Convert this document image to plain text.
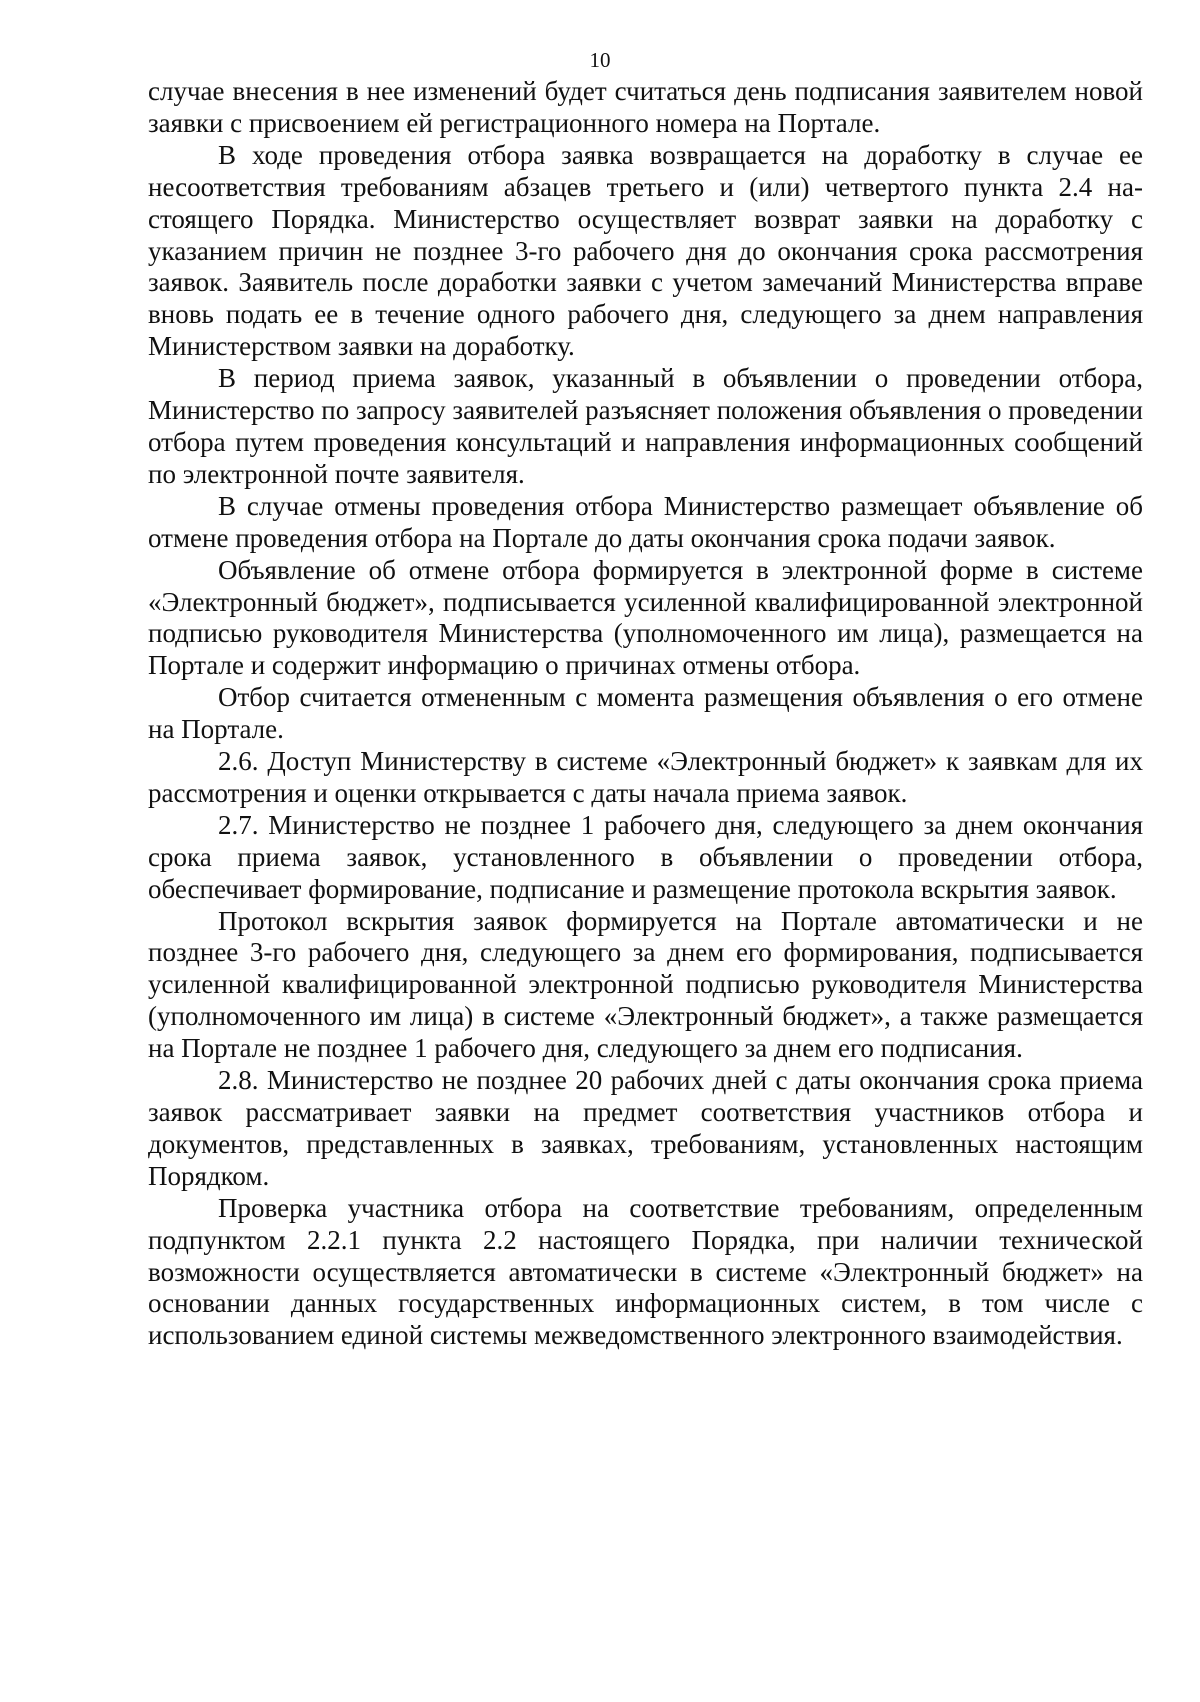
10

случае внесения в нее изменений будет считаться день подписания заявителем новой заявки с присвоением ей регистрационного номера на Портале.

В ходе проведения отбора заявка возвращается на доработку в случае ее несоответствия требованиям абзацев третьего и (или) четвертого пункта 2.4 настоящего Порядка. Министерство осуществляет возврат заявки на доработку с указанием причин не позднее 3-го рабочего дня до окончания срока рассмотрения заявок. Заявитель после доработки заявки с учетом замечаний Министерства вправе вновь подать ее в течение одного рабочего дня, следующего за днем направления Министерством заявки на доработку.

В период приема заявок, указанный в объявлении о проведении отбора, Министерство по запросу заявителей разъясняет положения объявления о проведении отбора путем проведения консультаций и направления информационных сообщений по электронной почте заявителя.

В случае отмены проведения отбора Министерство размещает объявление об отмене проведения отбора на Портале до даты окончания срока подачи заявок.

Объявление об отмене отбора формируется в электронной форме в системе «Электронный бюджет», подписывается усиленной квалифицированной электронной подписью руководителя Министерства (уполномоченного им лица), размещается на Портале и содержит информацию о причинах отмены отбора.

Отбор считается отмененным с момента размещения объявления о его отмене на Портале.

2.6. Доступ Министерству в системе «Электронный бюджет» к заявкам для их рассмотрения и оценки открывается с даты начала приема заявок.

2.7. Министерство не позднее 1 рабочего дня, следующего за днем окончания срока приема заявок, установленного в объявлении о проведении отбора, обеспечивает формирование, подписание и размещение протокола вскрытия заявок.

Протокол вскрытия заявок формируется на Портале автоматически и не позднее 3-го рабочего дня, следующего за днем его формирования, подписывается усиленной квалифицированной электронной подписью руководителя Министерства (уполномоченного им лица) в системе «Электронный бюджет», а также размещается на Портале не позднее 1 рабочего дня, следующего за днем его подписания.

2.8. Министерство не позднее 20 рабочих дней с даты окончания срока приема заявок рассматривает заявки на предмет соответствия участников отбора и документов, представленных в заявках, требованиям, установленных настоящим Порядком.

Проверка участника отбора на соответствие требованиям, определенным подпунктом 2.2.1 пункта 2.2 настоящего Порядка, при наличии технической возможности осуществляется автоматически в системе «Электронный бюджет» на основании данных государственных информационных систем, в том числе с использованием единой системы межведомственного электронного взаимодействия.
